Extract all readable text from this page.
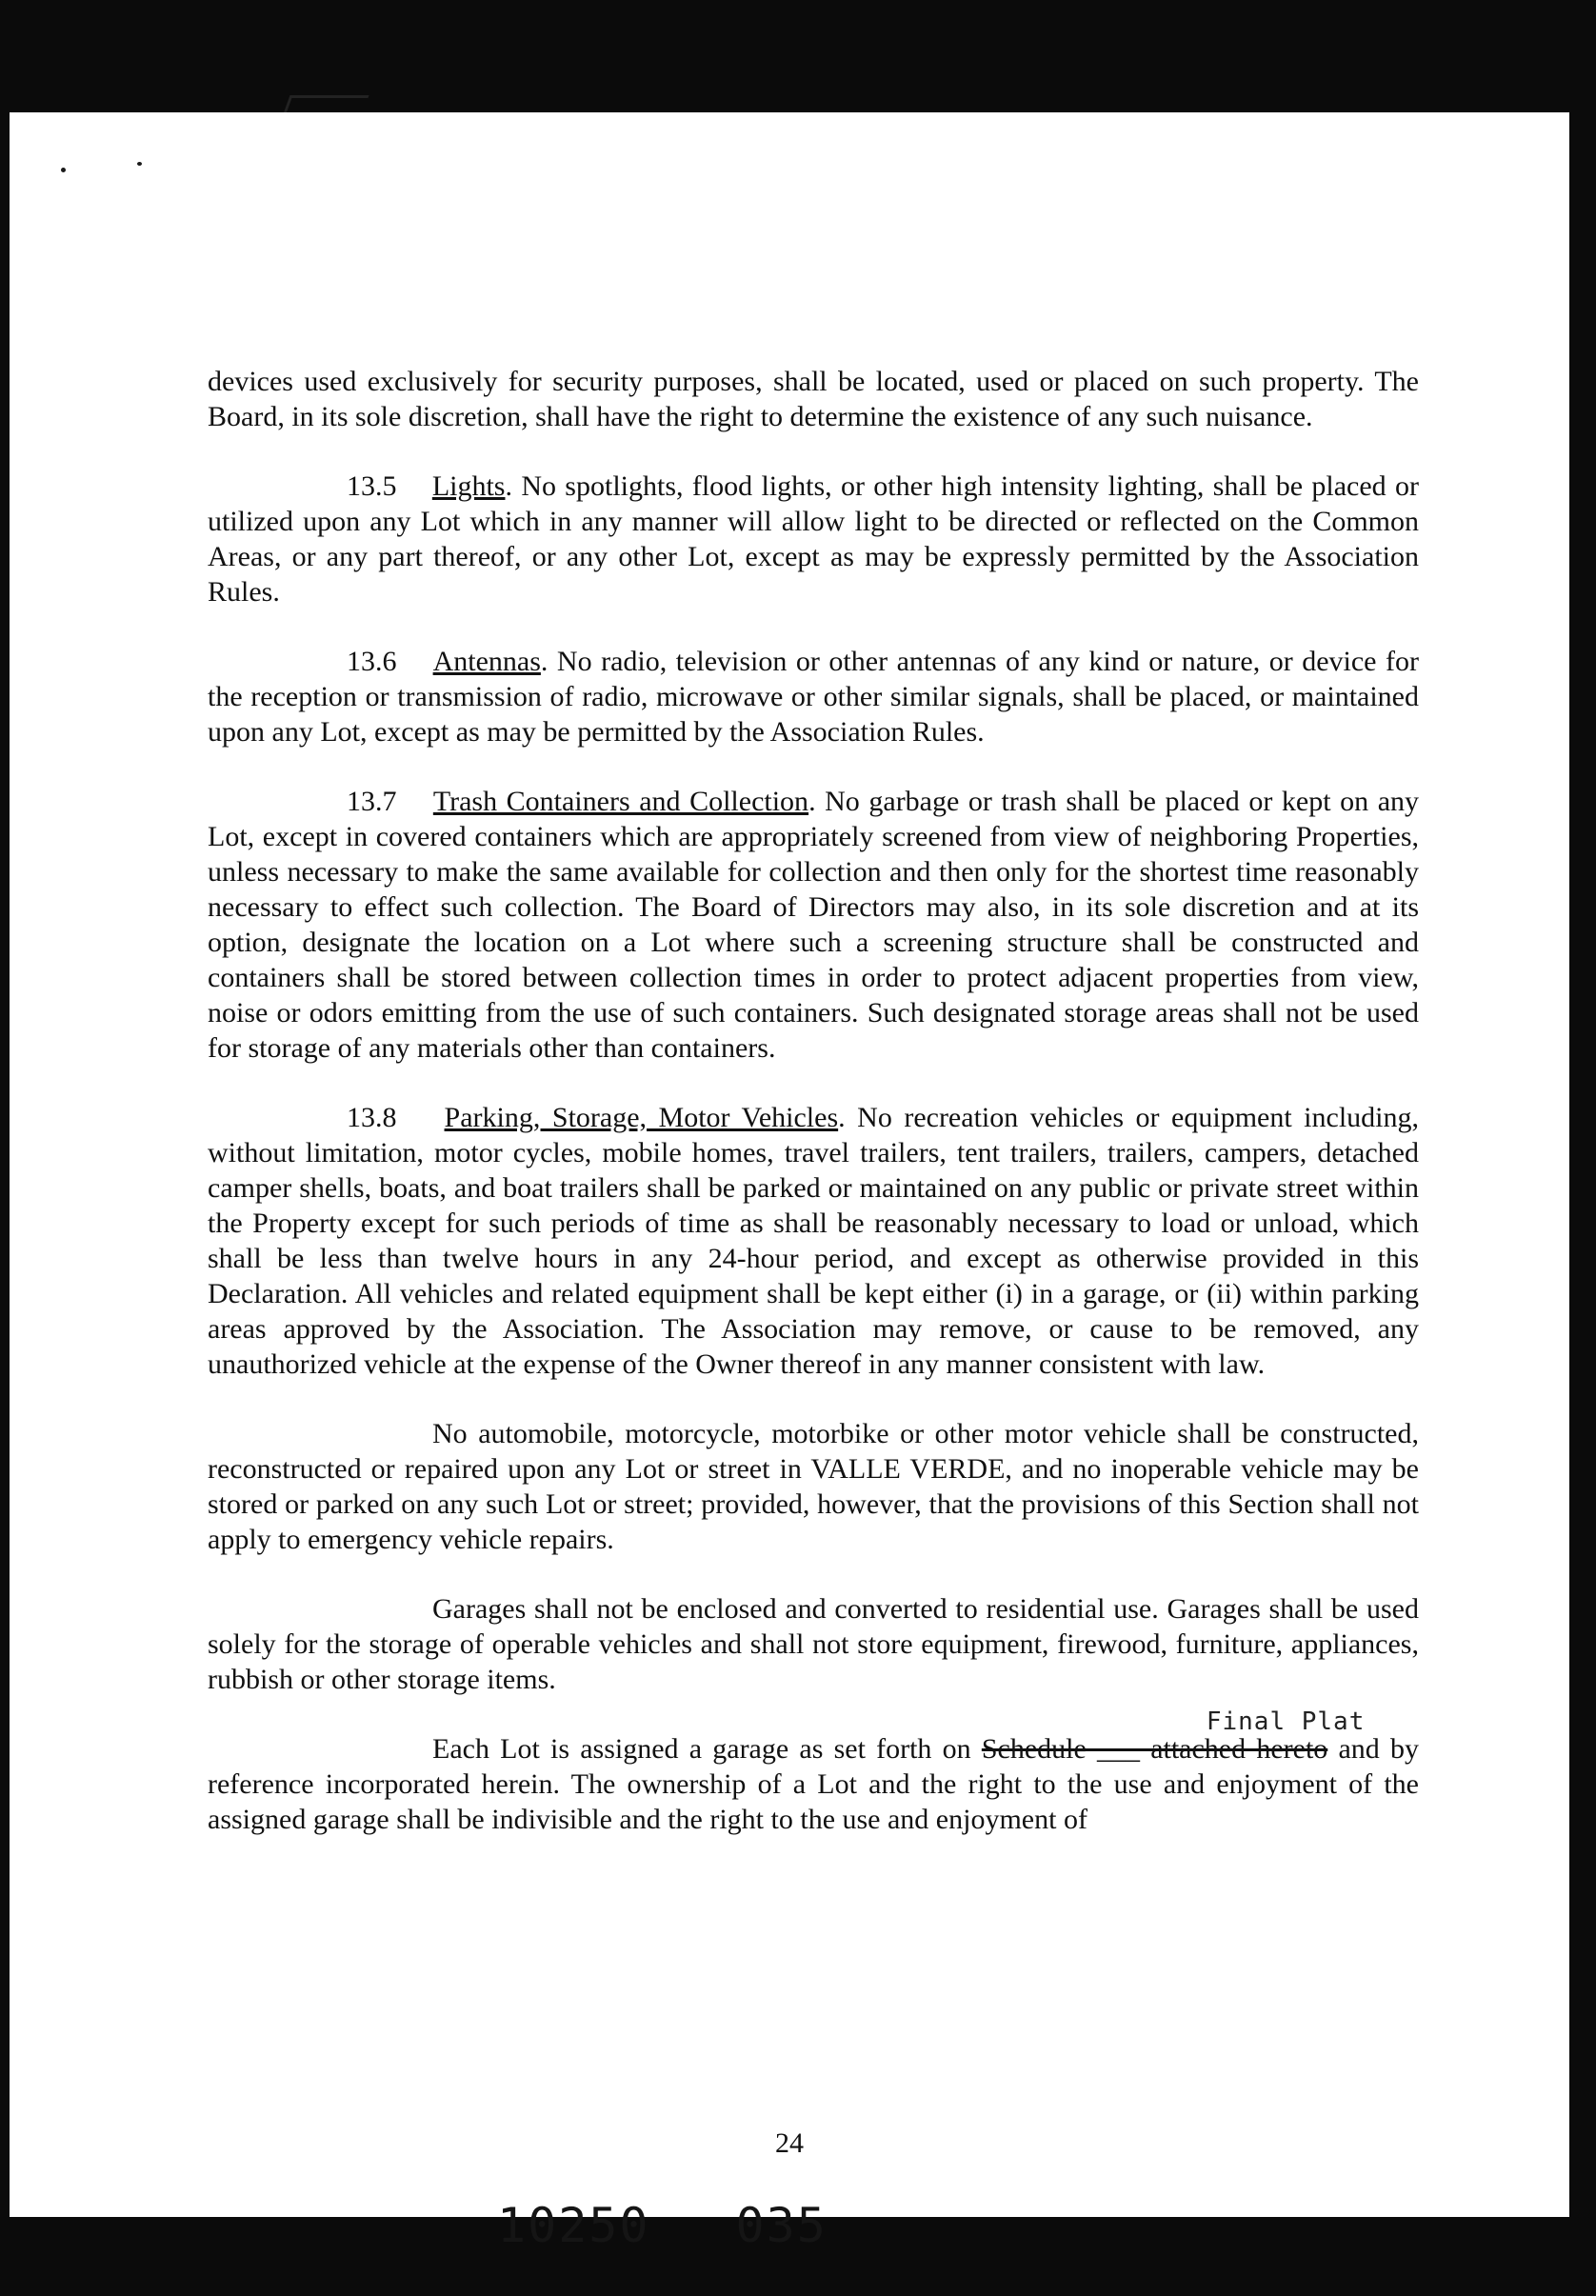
devices used exclusively for security purposes, shall be located, used or placed on such property. The Board, in its sole discretion, shall have the right to determine the existence of any such nuisance.

13.5 Lights. No spotlights, flood lights, or other high intensity lighting, shall be placed or utilized upon any Lot which in any manner will allow light to be directed or reflected on the Common Areas, or any part thereof, or any other Lot, except as may be expressly permitted by the Association Rules.

13.6 Antennas. No radio, television or other antennas of any kind or nature, or device for the reception or transmission of radio, microwave or other similar signals, shall be placed, or maintained upon any Lot, except as may be permitted by the Association Rules.

13.7 Trash Containers and Collection. No garbage or trash shall be placed or kept on any Lot, except in covered containers which are appropriately screened from view of neighboring Properties, unless necessary to make the same available for collection and then only for the shortest time reasonably necessary to effect such collection. The Board of Directors may also, in its sole discretion and at its option, designate the location on a Lot where such a screening structure shall be constructed and containers shall be stored between collection times in order to protect adjacent properties from view, noise or odors emitting from the use of such containers. Such designated storage areas shall not be used for storage of any materials other than containers.

13.8 Parking, Storage, Motor Vehicles. No recreation vehicles or equipment including, without limitation, motor cycles, mobile homes, travel trailers, tent trailers, trailers, campers, detached camper shells, boats, and boat trailers shall be parked or maintained on any public or private street within the Property except for such periods of time as shall be reasonably necessary to load or unload, which shall be less than twelve hours in any 24-hour period, and except as otherwise provided in this Declaration. All vehicles and related equipment shall be kept either (i) in a garage, or (ii) within parking areas approved by the Association. The Association may remove, or cause to be removed, any unauthorized vehicle at the expense of the Owner thereof in any manner consistent with law.

No automobile, motorcycle, motorbike or other motor vehicle shall be constructed, reconstructed or repaired upon any Lot or street in VALLE VERDE, and no inoperable vehicle may be stored or parked on any such Lot or street; provided, however, that the provisions of this Section shall not apply to emergency vehicle repairs.

Garages shall not be enclosed and converted to residential use. Garages shall be used solely for the storage of operable vehicles and shall not store equipment, firewood, furniture, appliances, rubbish or other storage items.

Each Lot is assigned a garage as set forth on
Final Plat
Schedule ___ attached hereto and by reference incorporated herein. The ownership of a Lot and the right to the use and enjoyment of the assigned garage shall be indivisible and the right to the use and enjoyment of

24
10250 035
